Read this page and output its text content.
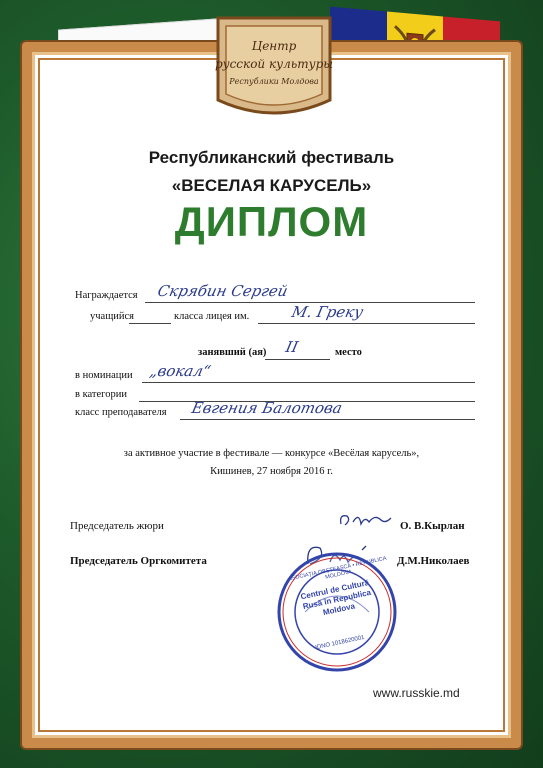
Центр
русской культуры
Республики Молдова

Республиканский фестиваль

«ВЕСЕЛАЯ КАРУСЕЛЬ»

ДИПЛОМ

Награждается Скрябин Сергей
учащийся	класса лицея им.	М. Греку
занявший (ая) II	место
в номинации „вокал“
в категории
класс преподавателя Евгения Балотова
за активное участие в фестивале — конкурсе «Весёлая карусель»,
Кишинев, 27 ноября 2016 г.
Председатель жюри	О. В.Кырлан
Председатель Оргкомитета	Д.М.Николаев
Centrul de Cultură Rusă în Republica Moldova
ASOCIAȚIA OBȘTEASCĂ • REPUBLICA MOLDOVA
IDNO 1018620001
www.russkie.md
